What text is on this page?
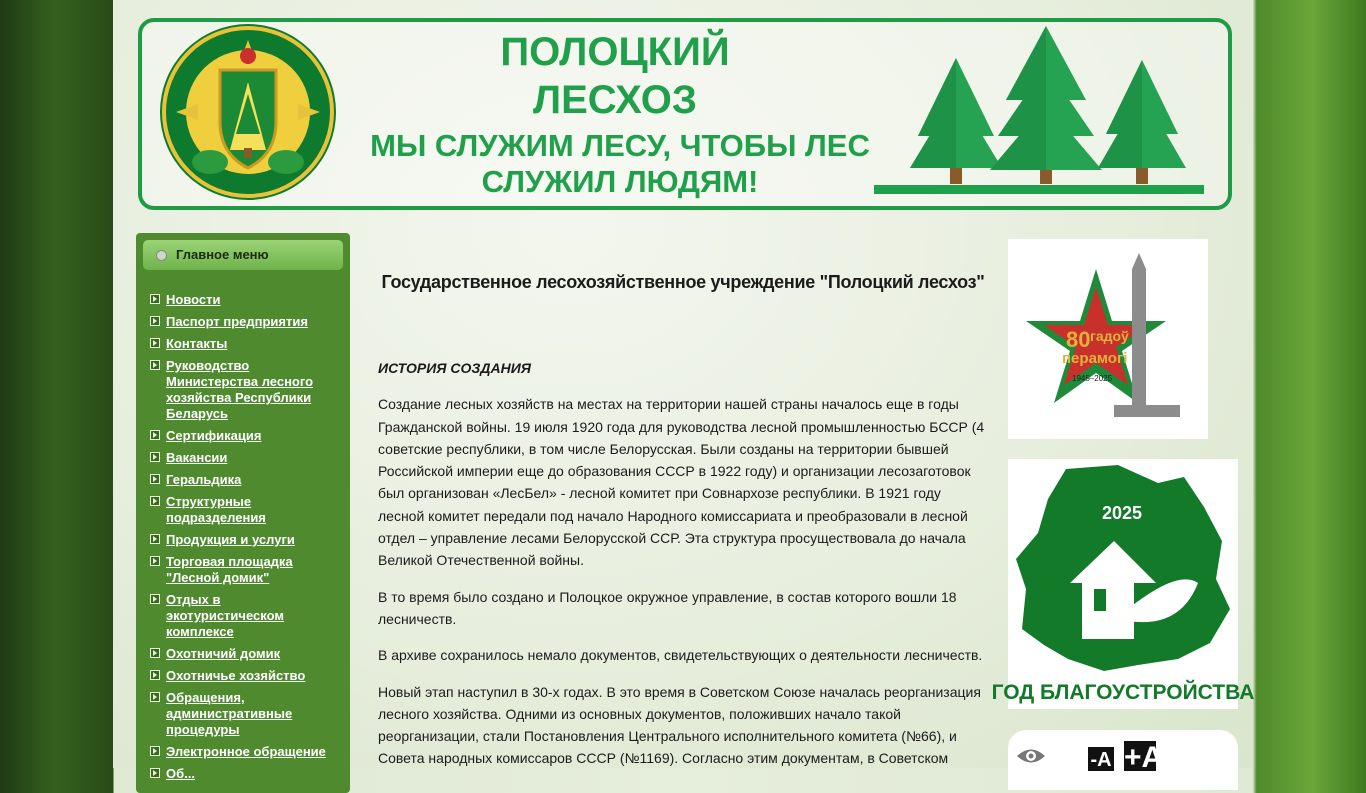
ПОЛОЦКИЙ
ЛЕСХОЗ
МЫ СЛУЖИМ ЛЕСУ, ЧТОБЫ ЛЕС
СЛУЖИЛ ЛЮДЯМ!
Главное меню
Новости
Паспорт предприятия
Контакты
Руководство Министерства лесного хозяйства Республики Беларусь
Сертификация
Вакансии
Геральдика
Структурные подразделения
Продукция и услуги
Торговая площадка "Лесной домик"
Отдых в экотуристическом комплексе
Охотничий домик
Охотничье хозяйство
Обращения, административные процедуры
Электронное обращение
Об...
Государственное лесохозяйственное учреждение "Полоцкий лесхоз"
ИСТОРИЯ СОЗДАНИЯ

Создание лесных хозяйств на местах на территории нашей страны началось еще в годы Гражданской войны. 19 июля 1920 года для руководства лесной промышленностью БССР (4 советские республики, в том числе Белорусская. Были созданы на территории бывшей Российской империи еще до образования СССР в 1922 году) и организации лесозаготовок был организован «ЛесБел» - лесной комитет при Совнархозе республики. В 1921 году лесной комитет передали под начало Народного комиссариата и преобразовали в лесной отдел – управление лесами Белорусской ССР. Эта структура просуществовала до начала Великой Отечественной войны.

В то время было создано и Полоцкое окружное управление, в состав которого вошли 18 лесничеств.

В архиве сохранилось немало документов, свидетельствующих о деятельности лесничеств.

Новый этап наступил в 30-х годах. В это время в Советском Союзе началась реорганизация лесного хозяйства. Одними из основных документов, положивших начало такой реорганизации, стали Постановления Центрального исполнительного комитета (№66), и Совета народных комиссаров СССР (№1169). Согласно этим документам, в Советском

80 гадоў
перамогі
1945–2025
2025
ГОД БЛАГОУСТРОЙСТВА
-A +A
